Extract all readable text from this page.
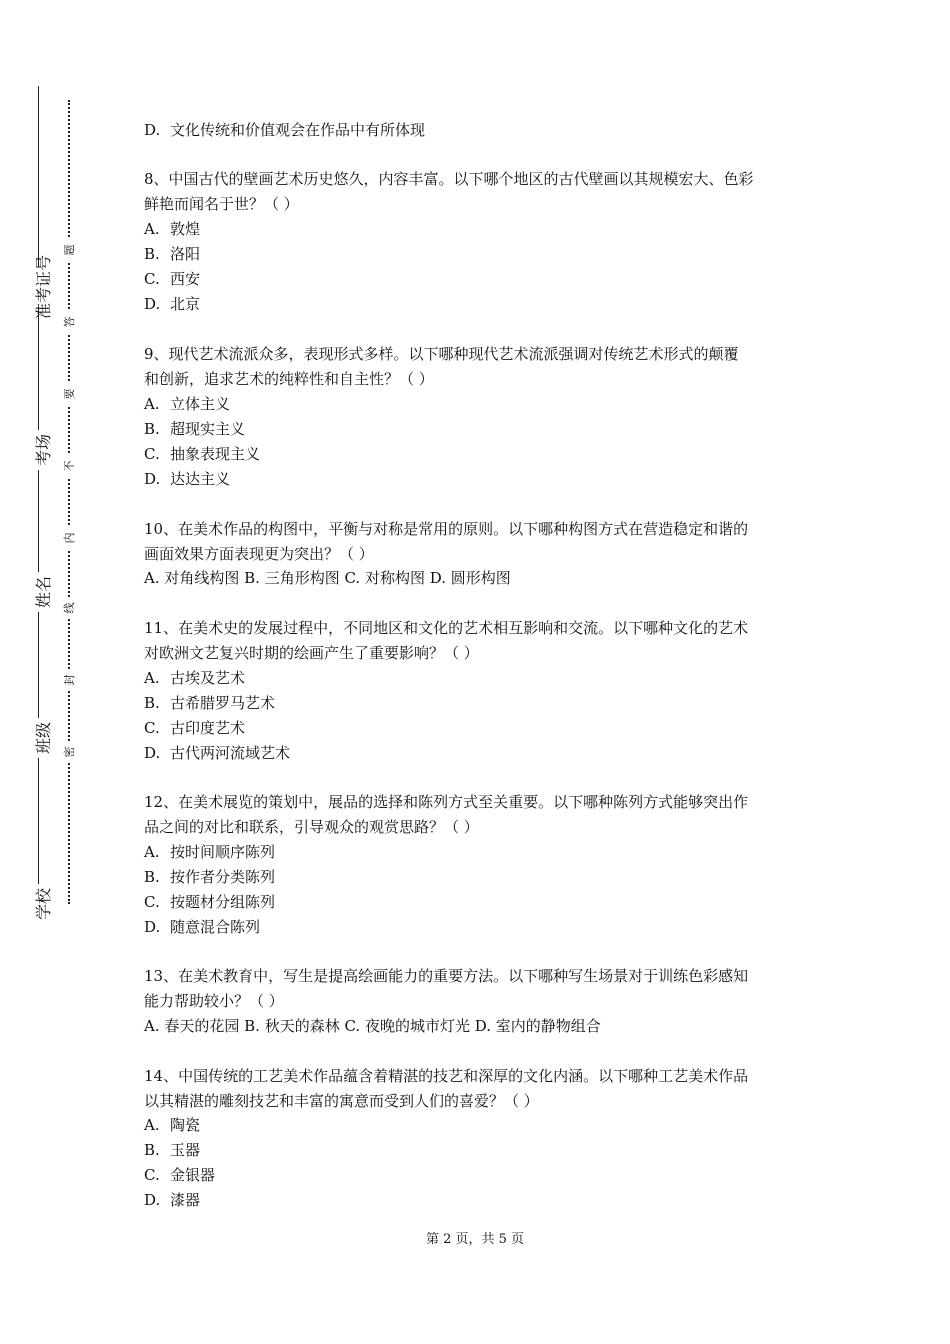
准考证号
考场
姓名
班级
学校
题
答
要
不
内
线
封
密
D. 文化传统和价值观会在作品中有所体现
8、中国古代的壁画艺术历史悠久，内容丰富。以下哪个地区的古代壁画以其规模宏大、色彩
鲜艳而闻名于世？（ ）
A. 敦煌
B. 洛阳
C. 西安
D. 北京
9、现代艺术流派众多，表现形式多样。以下哪种现代艺术流派强调对传统艺术形式的颠覆
和创新，追求艺术的纯粹性和自主性？（ ）
A. 立体主义
B. 超现实主义
C. 抽象表现主义
D. 达达主义
10、在美术作品的构图中，平衡与对称是常用的原则。以下哪种构图方式在营造稳定和谐的
画面效果方面表现更为突出？（ ）
A. 对角线构图 B. 三角形构图 C. 对称构图 D. 圆形构图
11、在美术史的发展过程中，不同地区和文化的艺术相互影响和交流。以下哪种文化的艺术
对欧洲文艺复兴时期的绘画产生了重要影响？（ ）
A. 古埃及艺术
B. 古希腊罗马艺术
C. 古印度艺术
D. 古代两河流域艺术
12、在美术展览的策划中，展品的选择和陈列方式至关重要。以下哪种陈列方式能够突出作
品之间的对比和联系，引导观众的观赏思路？（ ）
A. 按时间顺序陈列
B. 按作者分类陈列
C. 按题材分组陈列
D. 随意混合陈列
13、在美术教育中，写生是提高绘画能力的重要方法。以下哪种写生场景对于训练色彩感知
能力帮助较小？（ ）
A. 春天的花园 B. 秋天的森林 C. 夜晚的城市灯光 D. 室内的静物组合
14、中国传统的工艺美术作品蕴含着精湛的技艺和深厚的文化内涵。以下哪种工艺美术作品
以其精湛的雕刻技艺和丰富的寓意而受到人们的喜爱？（ ）
A. 陶瓷
B. 玉器
C. 金银器
D. 漆器
第 2 页，共 5 页
